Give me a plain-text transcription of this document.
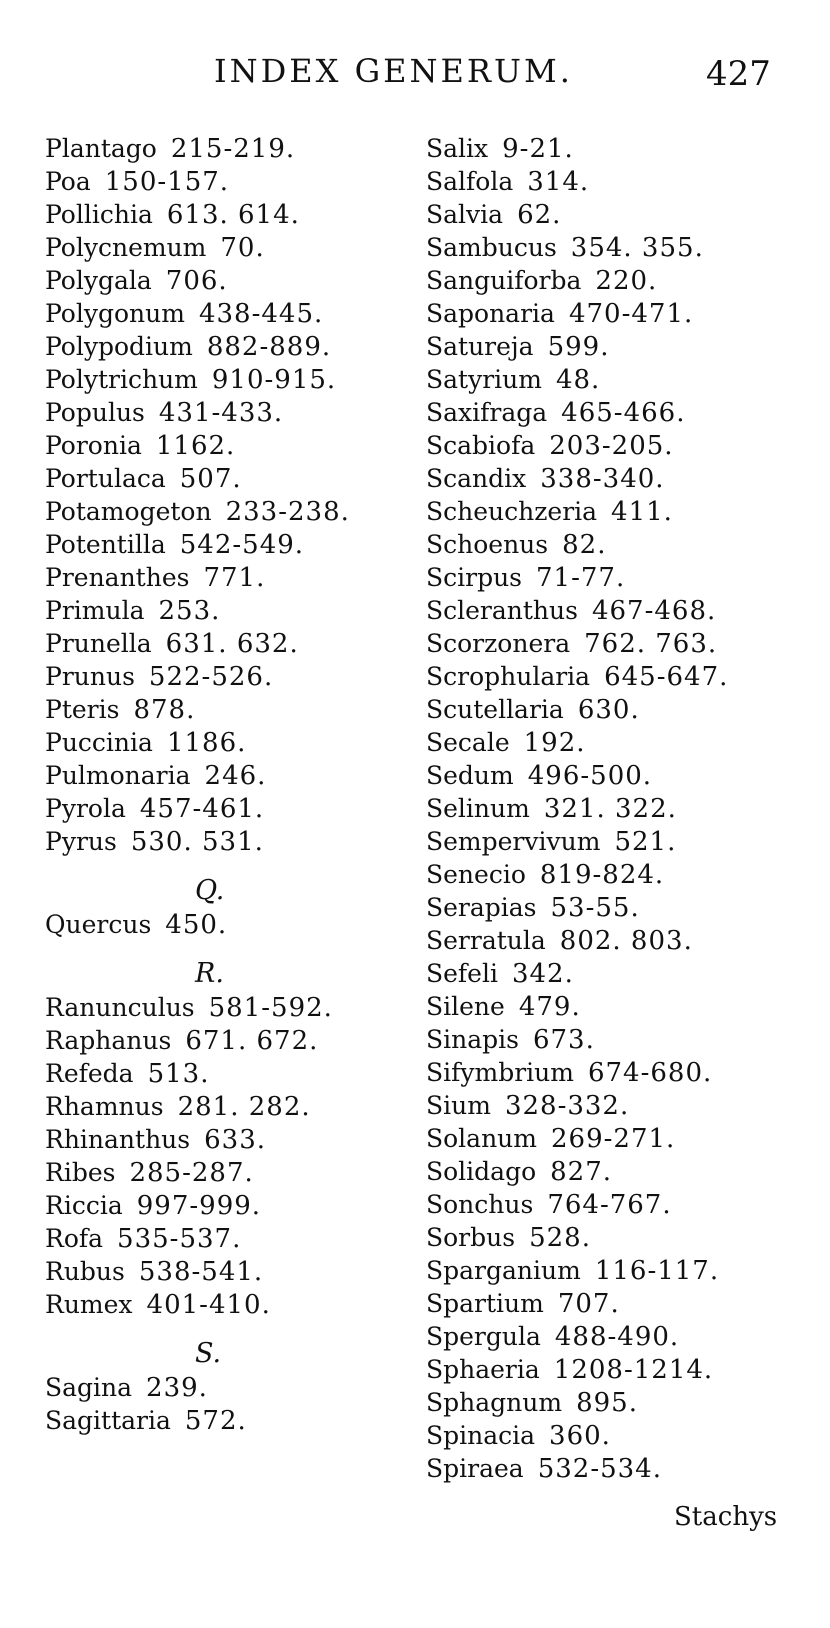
INDEX GENERUM.	427
Plantago 215-219.
Poa 150-157.
Pollichia 613. 614.
Polycnemum 70.
Polygala 706.
Polygonum 438-445.
Polypodium 882-889.
Polytrichum 910-915.
Populus 431-433.
Poronia 1162.
Portulaca 507.
Potamogeton 233-238.
Potentilla 542-549.
Prenanthes 771.
Primula 253.
Prunella 631. 632.
Prunus 522-526.
Pteris 878.
Puccinia 1186.
Pulmonaria 246.
Pyrola 457-461.
Pyrus 530. 531.
Q.
Quercus 450.
R.
Ranunculus 581-592.
Raphanus 671. 672.
Refeda 513.
Rhamnus 281. 282.
Rhinanthus 633.
Ribes 285-287.
Riccia 997-999.
Rofa 535-537.
Rubus 538-541.
Rumex 401-410.
S.
Sagina 239.
Sagittaria 572.
Salix 9-21.
Salfola 314.
Salvia 62.
Sambucus 354. 355.
Sanguiforba 220.
Saponaria 470-471.
Satureja 599.
Satyrium 48.
Saxifraga 465-466.
Scabiofa 203-205.
Scandix 338-340.
Scheuchzeria 411.
Schoenus 82.
Scirpus 71-77.
Scleranthus 467-468.
Scorzonera 762. 763.
Scrophularia 645-647.
Scutellaria 630.
Secale 192.
Sedum 496-500.
Selinum 321. 322.
Sempervivum 521.
Senecio 819-824.
Serapias 53-55.
Serratula 802. 803.
Sefeli 342.
Silene 479.
Sinapis 673.
Sifymbrium 674-680.
Sium 328-332.
Solanum 269-271.
Solidago 827.
Sonchus 764-767.
Sorbus 528.
Sparganium 116-117.
Spartium 707.
Spergula 488-490.
Sphaeria 1208-1214.
Sphagnum 895.
Spinacia 360.
Spiraea 532-534.
Stachys
